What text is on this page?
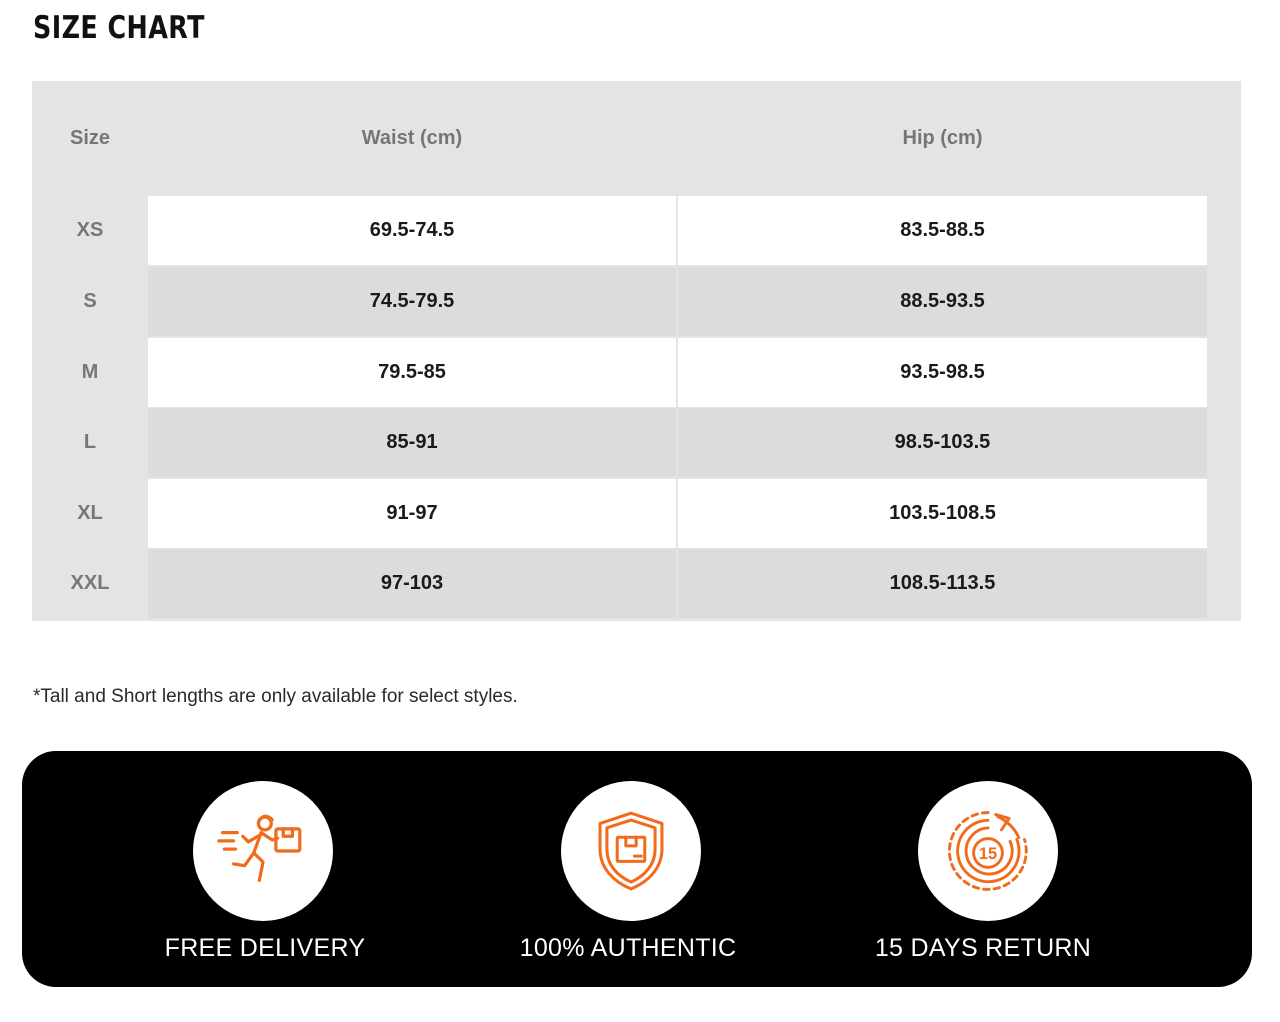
SIZE CHART
Size	Waist (cm)	Hip (cm)
XS	69.5-74.5	83.5-88.5
S	74.5-79.5	88.5-93.5
M	79.5-85	93.5-98.5
L	85-91	98.5-103.5
XL	91-97	103.5-108.5
XXL	97-103	108.5-113.5
*Tall and Short lengths are only available for select styles.
FREE DELIVERY	100% AUTHENTIC
15
15 DAYS RETURN
